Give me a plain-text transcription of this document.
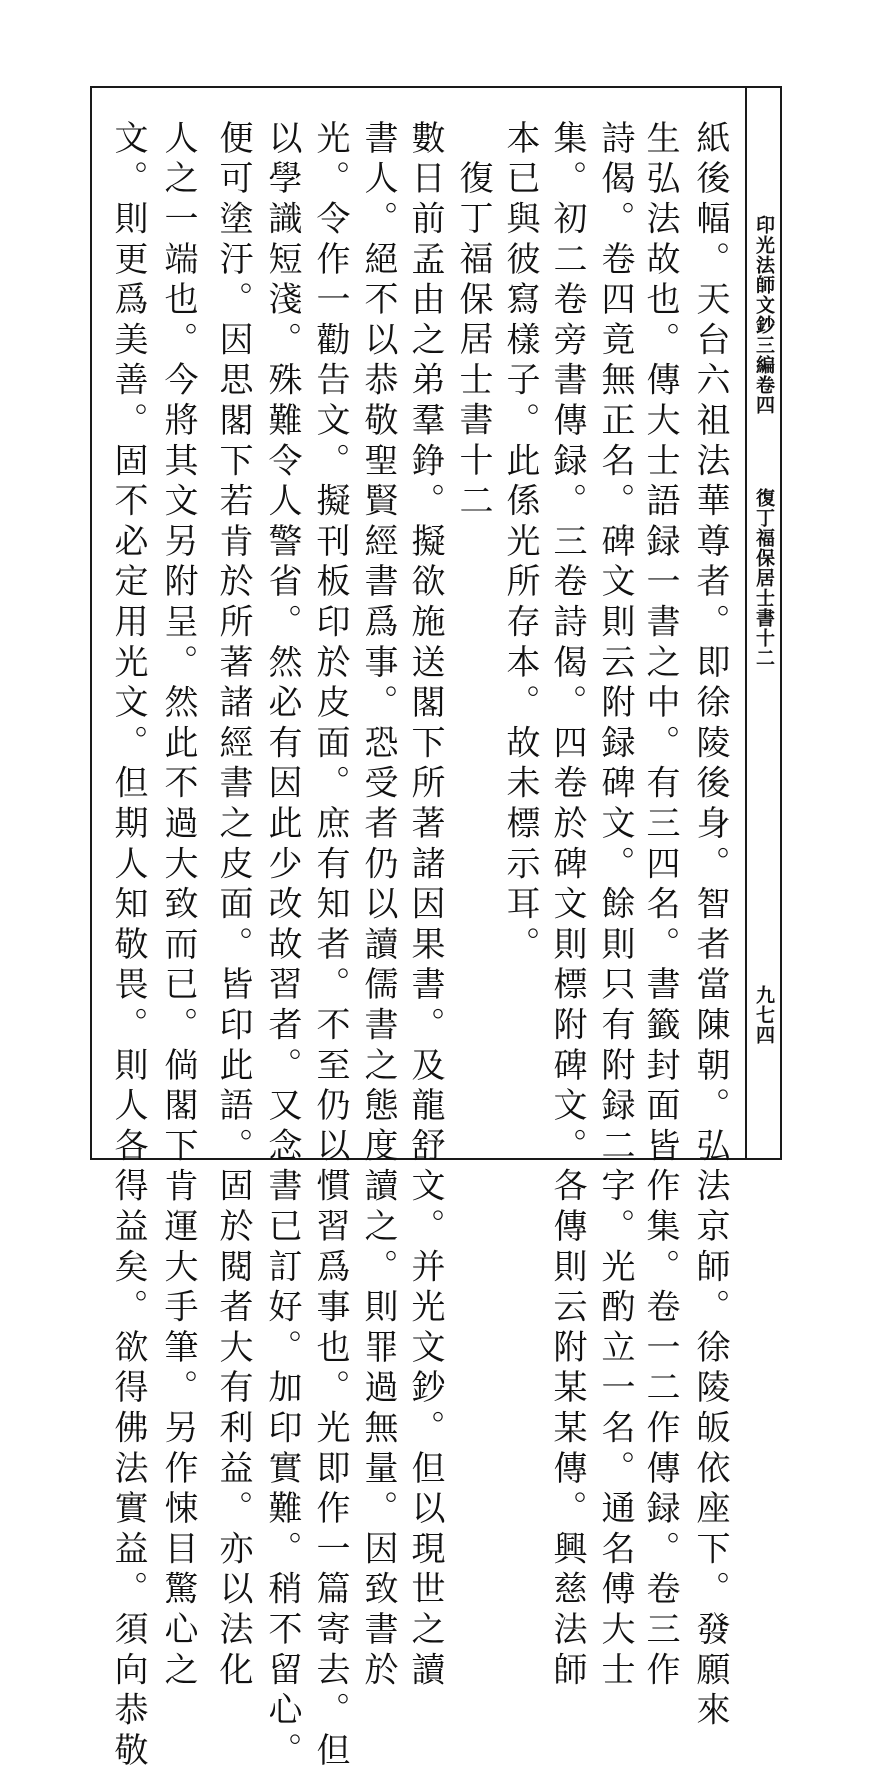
印光法師文鈔三編卷四
復丁福保居士書十二
九七四
紙後幅。天台六祖法華尊者。即徐陵後身。智者當陳朝。弘法京師。徐陵皈依座下。發願來
生弘法故也。傳大士語録一書之中。有三四名。書籤封面皆作集。卷一二作傳録。卷三作
詩偈。卷四竟無正名。碑文則云附録碑文。餘則只有附録二字。光酌立一名。通名傅大士
集。初二卷旁書傳録。三卷詩偈。四卷於碑文則標附碑文。各傳則云附某某傳。興慈法師
本已與彼寫樣子。此係光所存本。故未標示耳。
復丁福保居士書十二
數日前孟由之弟羣錚。擬欲施送閣下所著諸因果書。及龍舒文。并光文鈔。但以現世之讀
書人。絕不以恭敬聖賢經書爲事。恐受者仍以讀儒書之態度讀之。則罪過無量。因致書於
光。令作一勸告文。擬刊板印於皮面。庶有知者。不至仍以慣習爲事也。光即作一篇寄去。但
以學識短淺。殊難令人警省。然必有因此少改故習者。又念書已訂好。加印實難。稍不留心。
便可塗汙。因思閣下若肯於所著諸經書之皮面。皆印此語。固於閱者大有利益。亦以法化
人之一端也。今將其文另附呈。然此不過大致而已。倘閣下肯運大手筆。另作悚目驚心之
文。則更爲美善。固不必定用光文。但期人知敬畏。則人各得益矣。欲得佛法實益。須向恭敬
